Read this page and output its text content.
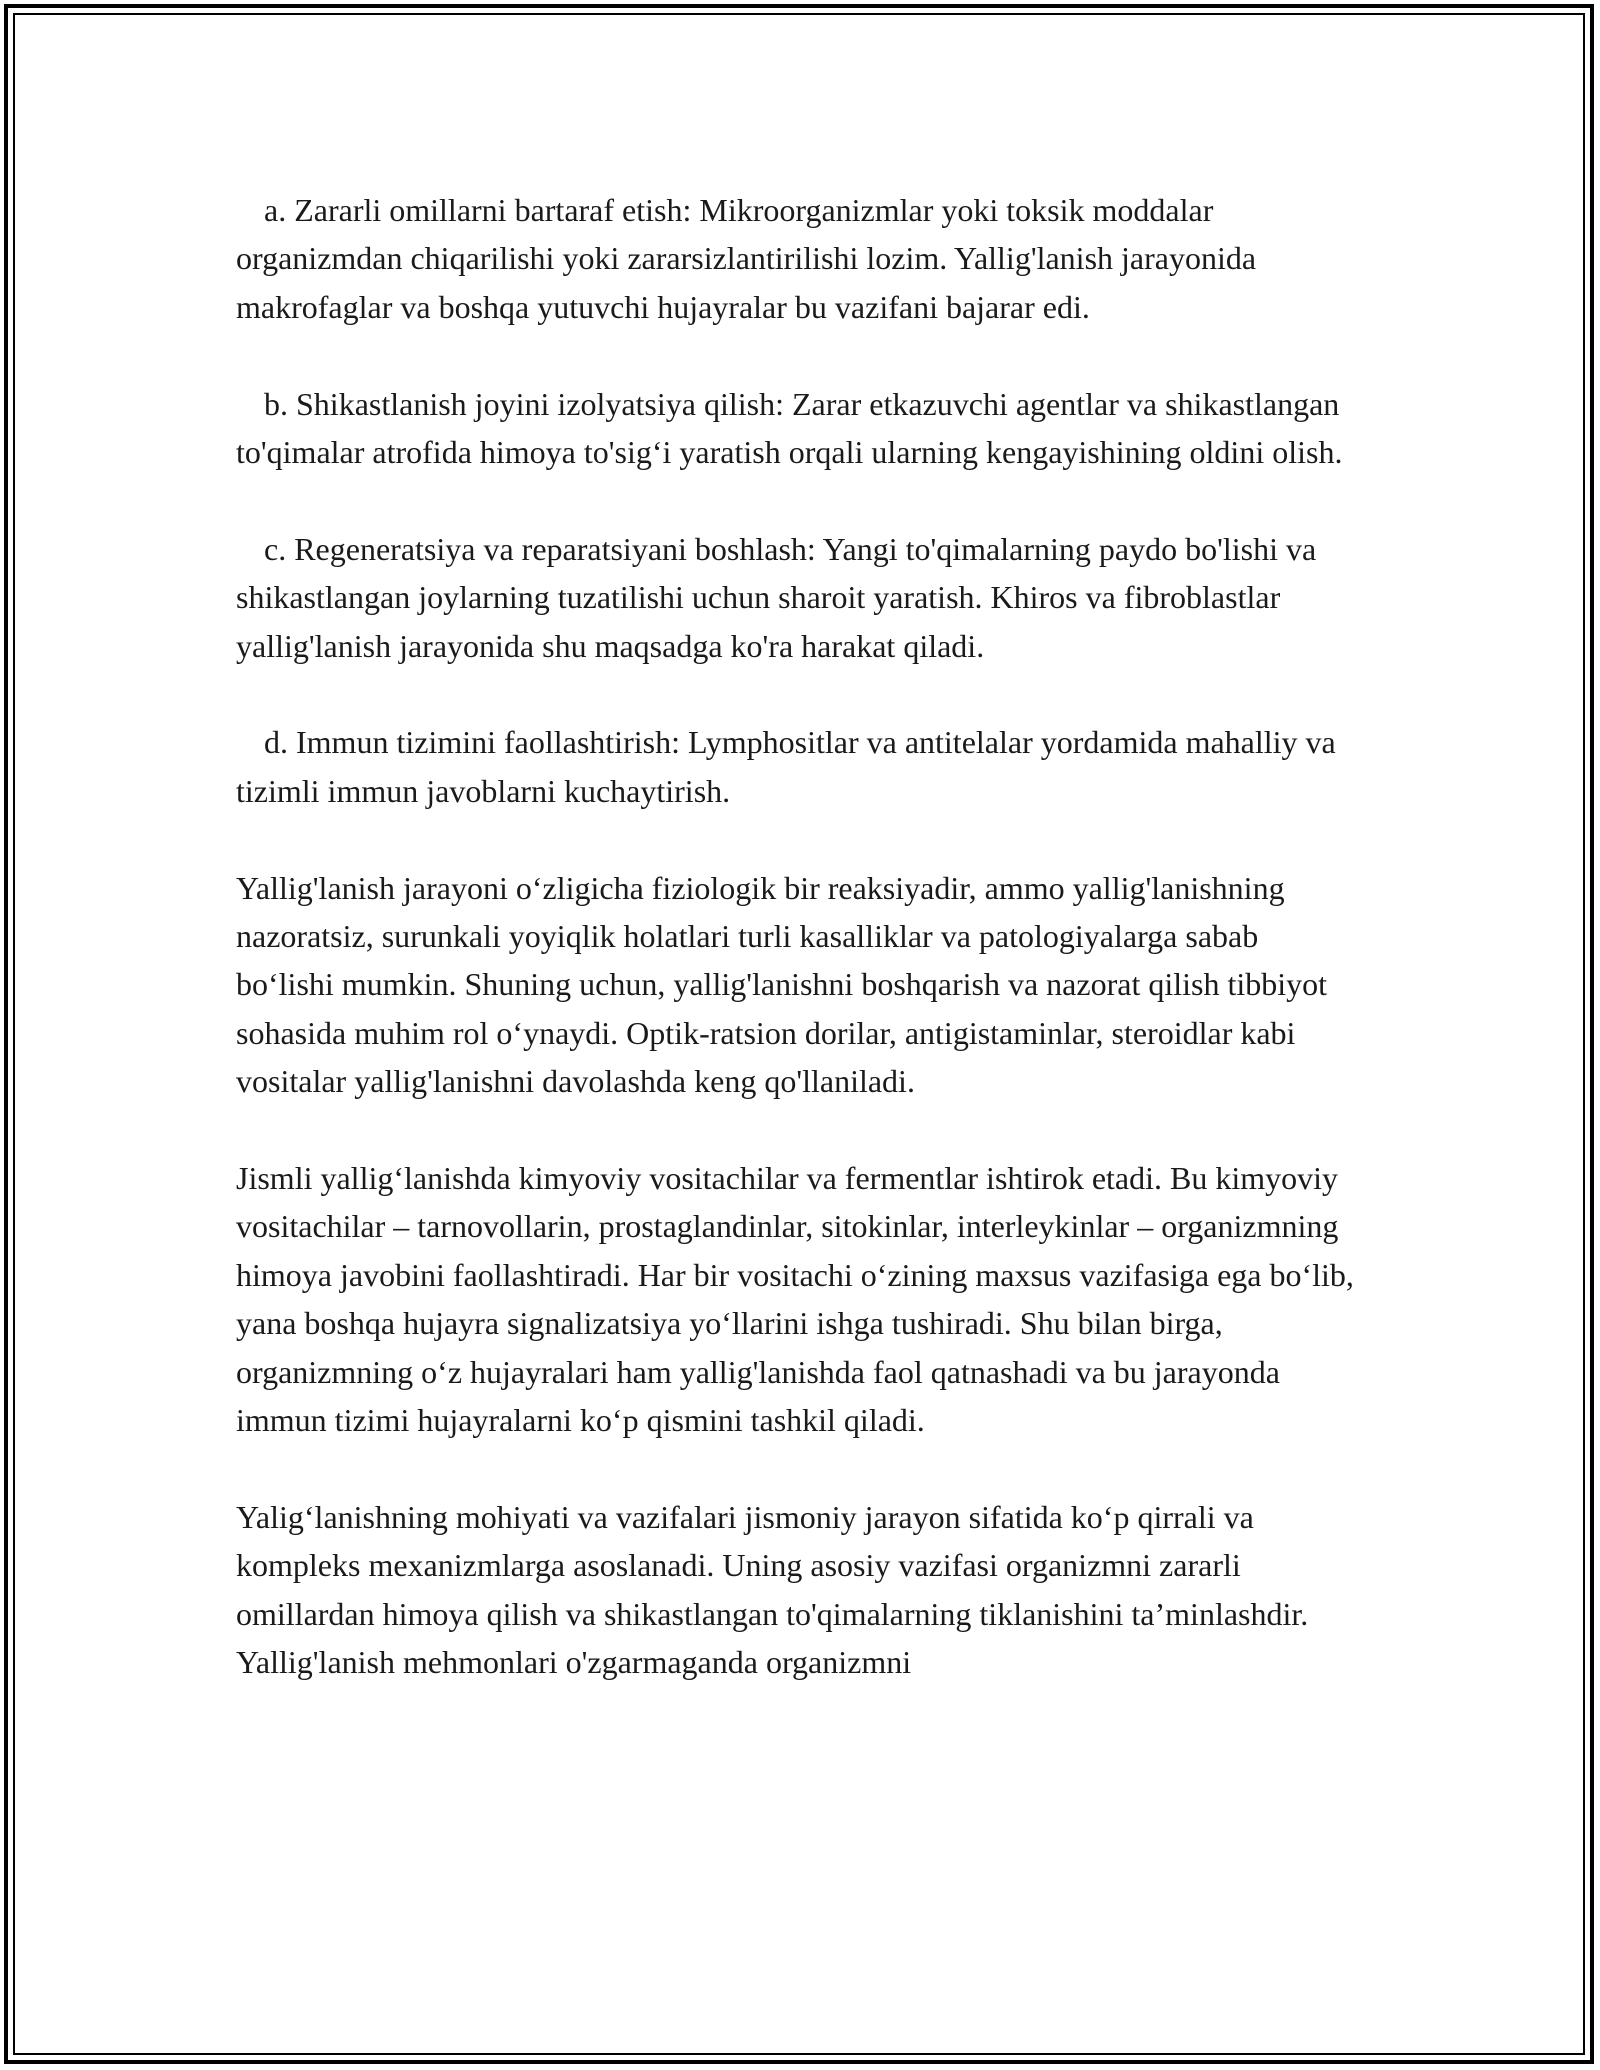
a. Zararli omillarni bartaraf etish: Mikroorganizmlar yoki toksik moddalar organizmdan chiqarilishi yoki zararsizlantirilishi lozim. Yallig'lanish jarayonida makrofaglar va boshqa yutuvchi hujayralar bu vazifani bajarar edi.

b. Shikastlanish joyini izolyatsiya qilish: Zarar etkazuvchi agentlar va shikastlangan to'qimalar atrofida himoya to'sig‘i yaratish orqali ularning kengayishining oldini olish.

c. Regeneratsiya va reparatsiyani boshlash: Yangi to'qimalarning paydo bo'lishi va shikastlangan joylarning tuzatilishi uchun sharoit yaratish. Khiros va fibroblastlar yallig'lanish jarayonida shu maqsadga ko'ra harakat qiladi.

d. Immun tizimini faollashtirish: Lymphositlar va antitelalar yordamida mahalliy va tizimli immun javoblarni kuchaytirish.

Yallig'lanish jarayoni o‘zligicha fiziologik bir reaksiyadir, ammo yallig'lanishning nazoratsiz, surunkali yoyiqlik holatlari turli kasalliklar va patologiyalarga sabab bo‘lishi mumkin. Shuning uchun, yallig'lanishni boshqarish va nazorat qilish tibbiyot sohasida muhim rol o‘ynaydi. Optik-ratsion dorilar, antigistaminlar, steroidlar kabi vositalar yallig'lanishni davolashda keng qo'llaniladi.

Jismli yallig‘lanishda kimyoviy vositachilar va fermentlar ishtirok etadi. Bu kimyoviy vositachilar – tarnovollarin, prostaglandinlar, sitokinlar, interleykinlar – organizmning himoya javobini faollashtiradi. Har bir vositachi o‘zining maxsus vazifasiga ega bo‘lib, yana boshqa hujayra signalizatsiya yo‘llarini ishga tushiradi. Shu bilan birga, organizmning o‘z hujayralari ham yallig'lanishda faol qatnashadi va bu jarayonda immun tizimi hujayralarni ko‘p qismini tashkil qiladi.

Yalig‘lanishning mohiyati va vazifalari jismoniy jarayon sifatida ko‘p qirrali va kompleks mexanizmlarga asoslanadi. Uning asosiy vazifasi organizmni zararli omillardan himoya qilish va shikastlangan to'qimalarning tiklanishini ta’minlashdir. Yallig'lanish mehmonlari o'zgarmaganda organizmni
